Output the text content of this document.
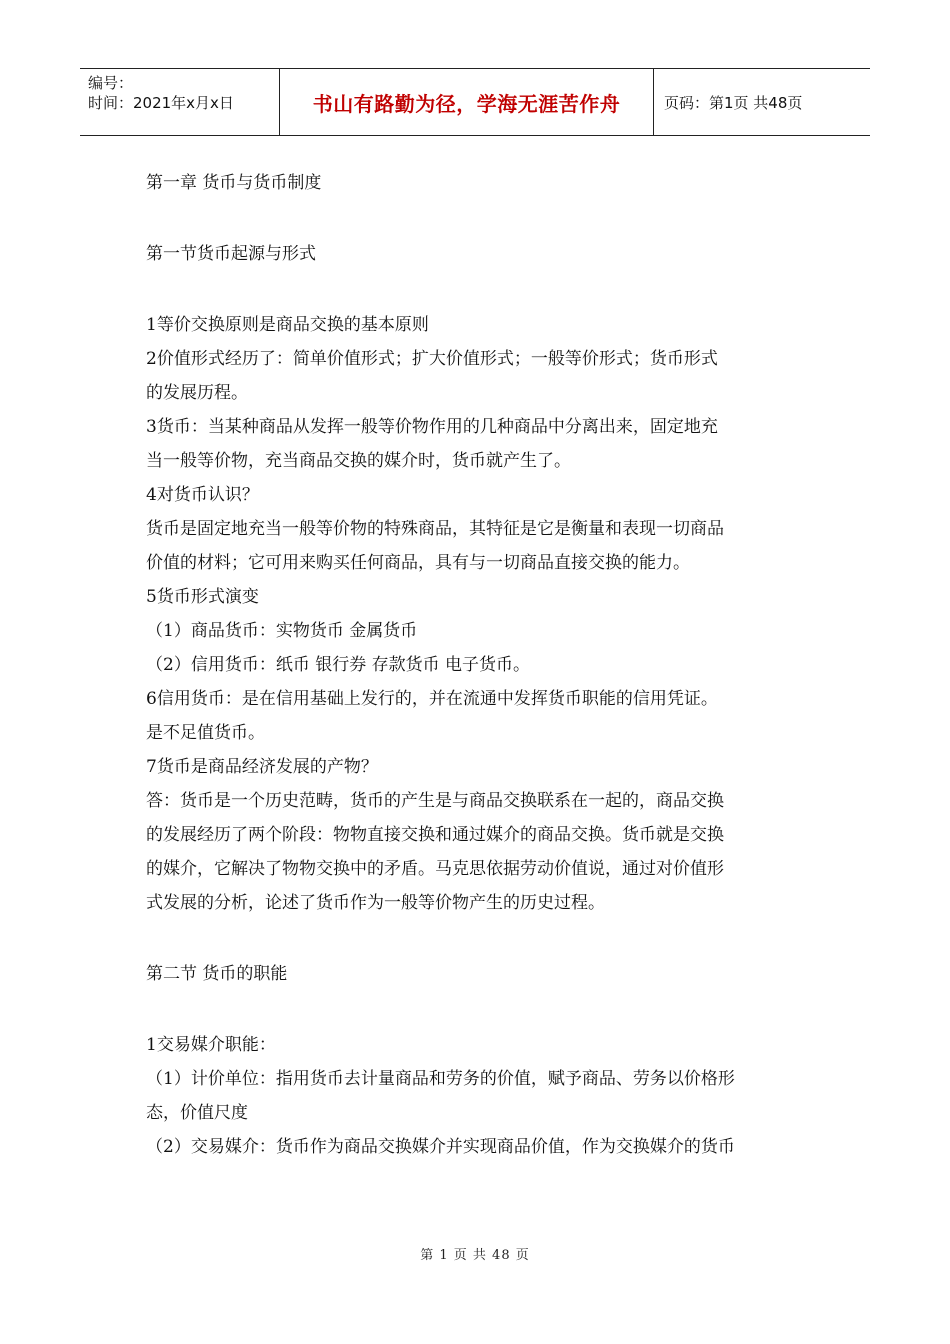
编号：
时间：2021年x月x日	书山有路勤为径，学海无涯苦作舟	页码：第1页 共48页
第一章 货币与货币制度
第一节货币起源与形式
1等价交换原则是商品交换的基本原则
2价值形式经历了：简单价值形式；扩大价值形式；一般等价形式；货币形式
的发展历程。
3货币：当某种商品从发挥一般等价物作用的几种商品中分离出来，固定地充
当一般等价物，充当商品交换的媒介时，货币就产生了。
4对货币认识？
货币是固定地充当一般等价物的特殊商品，其特征是它是衡量和表现一切商品
价值的材料；它可用来购买任何商品，具有与一切商品直接交换的能力。
5货币形式演变
（1）商品货币：实物货币 金属货币
（2）信用货币：纸币 银行券 存款货币 电子货币。
6信用货币：是在信用基础上发行的，并在流通中发挥货币职能的信用凭证。
是不足值货币。
7货币是商品经济发展的产物？
答：货币是一个历史范畴，货币的产生是与商品交换联系在一起的，商品交换
的发展经历了两个阶段：物物直接交换和通过媒介的商品交换。货币就是交换
的媒介，它解决了物物交换中的矛盾。马克思依据劳动价值说，通过对价值形
式发展的分析，论述了货币作为一般等价物产生的历史过程。
第二节 货币的职能
1交易媒介职能：
（1）计价单位：指用货币去计量商品和劳务的价值，赋予商品、劳务以价格形
态，价值尺度
（2）交易媒介：货币作为商品交换媒介并实现商品价值，作为交换媒介的货币
第 1 页 共 48 页
